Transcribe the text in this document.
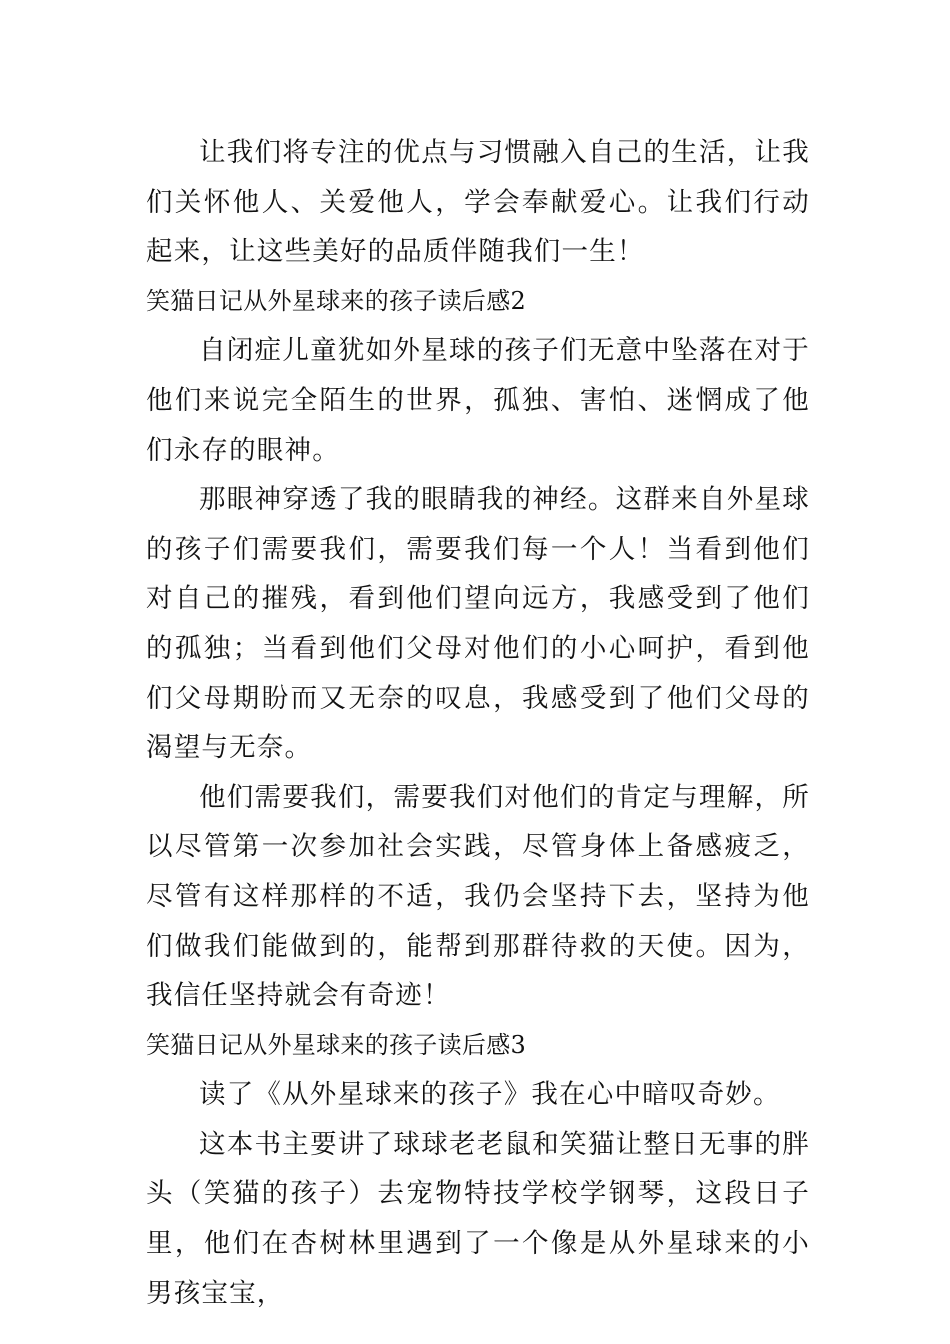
让我们将专注的优点与习惯融入自己的生活，让我们关怀他人、关爱他人，学会奉献爱心。让我们行动起来，让这些美好的品质伴随我们一生！

笑猫日记从外星球来的孩子读后感2

自闭症儿童犹如外星球的孩子们无意中坠落在对于他们来说完全陌生的世界，孤独、害怕、迷惘成了他们永存的眼神。

那眼神穿透了我的眼睛我的神经。这群来自外星球的孩子们需要我们，需要我们每一个人！当看到他们对自己的摧残，看到他们望向远方，我感受到了他们的孤独；当看到他们父母对他们的小心呵护，看到他们父母期盼而又无奈的叹息，我感受到了他们父母的渴望与无奈。

他们需要我们，需要我们对他们的肯定与理解，所以尽管第一次参加社会实践，尽管身体上备感疲乏，尽管有这样那样的不适，我仍会坚持下去，坚持为他们做我们能做到的，能帮到那群待救的天使。因为，我信任坚持就会有奇迹！

笑猫日记从外星球来的孩子读后感3

读了《从外星球来的孩子》我在心中暗叹奇妙。

这本书主要讲了球球老老鼠和笑猫让整日无事的胖头（笑猫的孩子）去宠物特技学校学钢琴，这段日子里，他们在杏树林里遇到了一个像是从外星球来的小男孩宝宝，
